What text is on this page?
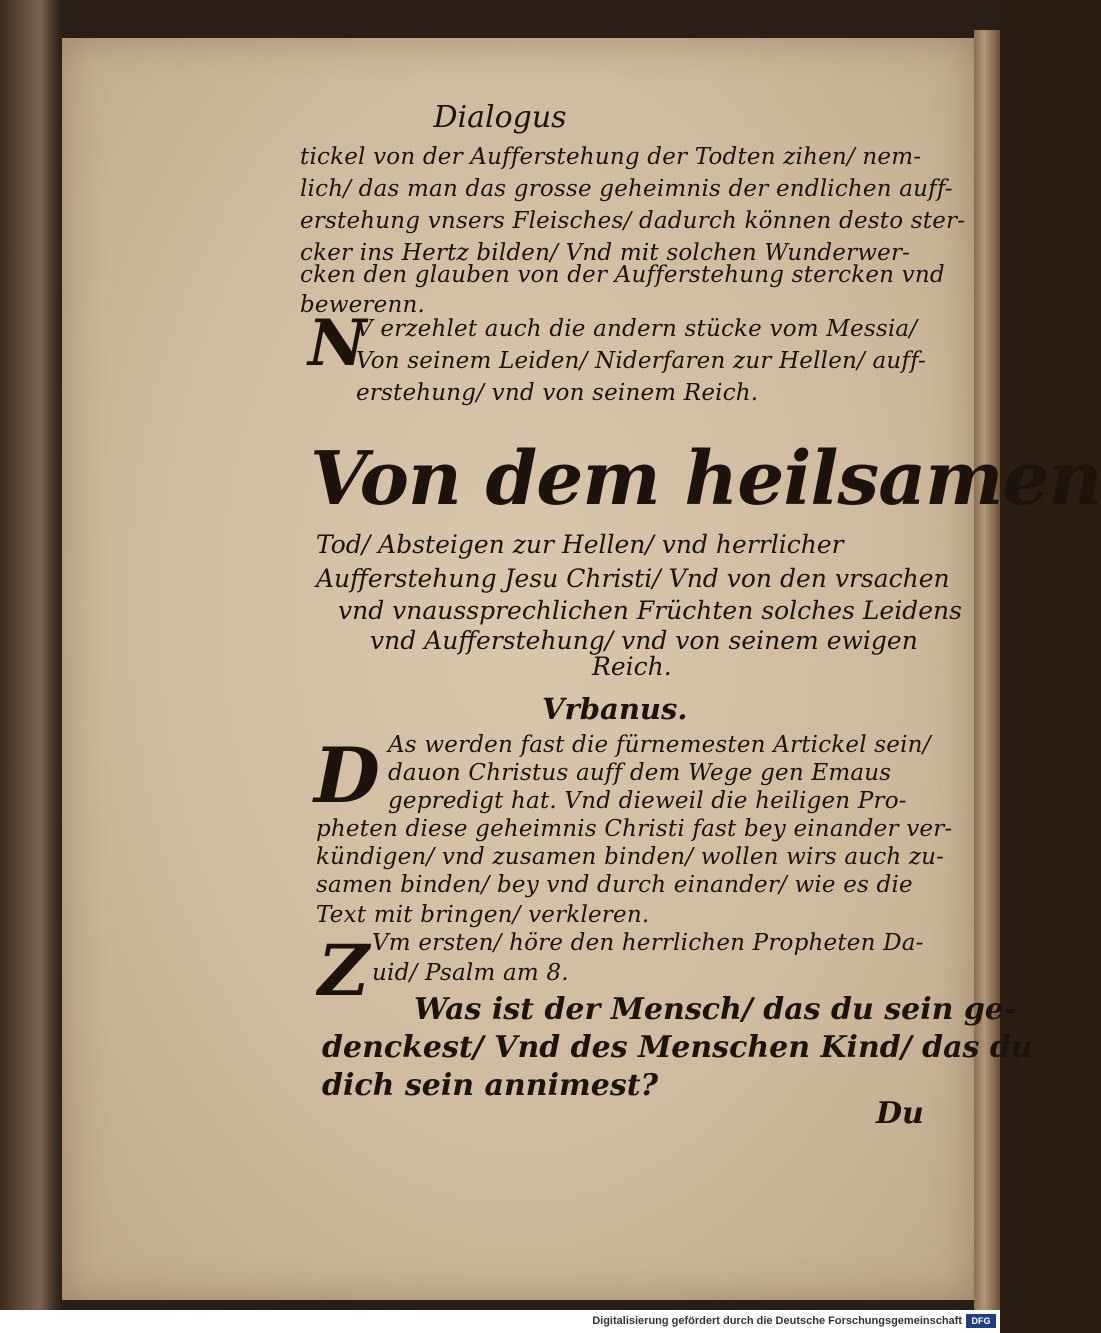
Dialogus
tickel von der Aufferstehung der Todten zihen/ nem-
lich/ das man das grosse geheimnis der endlichen auff-
erstehung vnsers Fleisches/ dadurch können desto ster-
cker ins Hertz bilden/ Vnd mit solchen Wunderwer-
cken den glauben von der Aufferstehung stercken vnd
bewerenn.
N
V erzehlet auch die andern stücke vom Messia/
Von seinem Leiden/ Niderfaren zur Hellen/ auff-
erstehung/ vnd von seinem Reich.
Von dem heilsamen
Tod/ Absteigen zur Hellen/ vnd herrlicher
Aufferstehung Jesu Christi/ Vnd von den vrsachen
vnd vnaussprechlichen Früchten solches Leidens
vnd Aufferstehung/ vnd von seinem ewigen
Reich.
Vrbanus.
D As werden fast die fürnemesten Artickel sein/
dauon Christus auff dem Wege gen Emaus
gepredigt hat. Vnd dieweil die heiligen Pro-
pheten diese geheimnis Christi fast bey einander ver-
kündigen/ vnd zusamen binden/ wollen wirs auch zu-
samen binden/ bey vnd durch einander/ wie es die
Text mit bringen/ verkleren.
Z Vm ersten/ höre den herrlichen Propheten Da-
uid/ Psalm am 8.
Was ist der Mensch/ das du sein ge-
denckest/ Vnd des Menschen Kind/ das du
dich sein annimest?
Du
Digitalisierung gefördert durch die Deutsche Forschungsgemeinschaft	DFG
